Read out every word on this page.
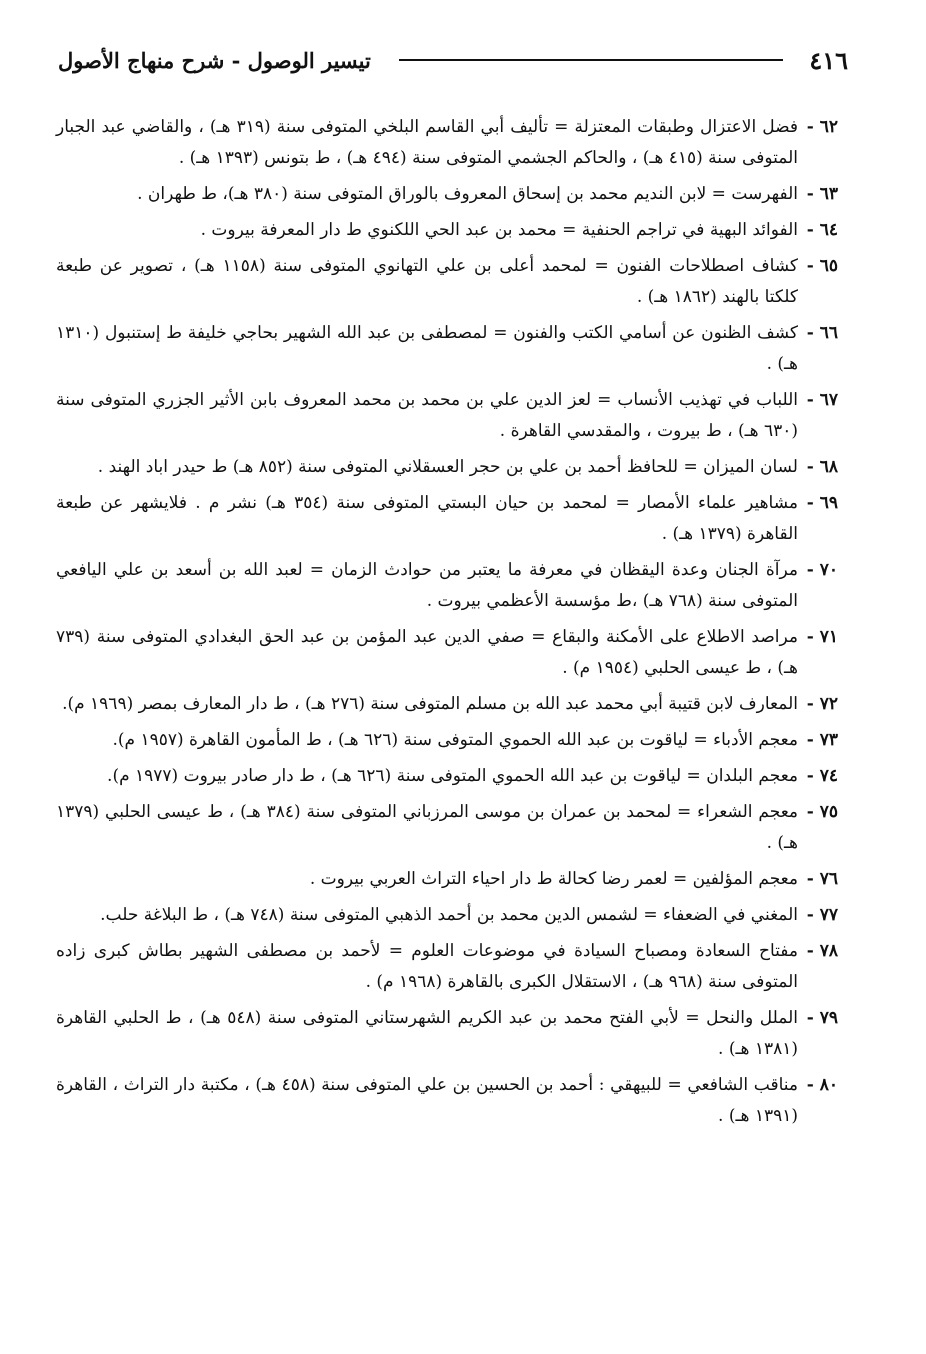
٤١٦
تيسير الوصول - شرح منهاج الأصول
٦٢ -
فضل الاعتزال وطبقات المعتزلة = تأليف أبي القاسم البلخي المتوفى سنة (٣١٩ هـ) ، والقاضي عبد الجبار المتوفى سنة (٤١٥ هـ) ، والحاكم الجشمي المتوفى سنة (٤٩٤ هـ) ، ط بتونس (١٣٩٣ هـ) .
٦٣ -
الفهرست = لابن النديم محمد بن إسحاق المعروف بالوراق المتوفى سنة (٣٨٠ هـ)، ط طهران .
٦٤ -
الفوائد البهية في تراجم الحنفية = محمد بن عبد الحي اللكنوي ط دار المعرفة بيروت .
٦٥ -
كشاف اصطلاحات الفنون = لمحمد أعلى بن علي التهانوي المتوفى سنة (١١٥٨ هـ) ، تصوير عن طبعة كلكتا بالهند (١٨٦٢ هـ) .
٦٦ -
كشف الظنون عن أسامي الكتب والفنون = لمصطفى بن عبد الله الشهير بحاجي خليفة ط إستنبول (١٣١٠ هـ) .
٦٧ -
اللباب في تهذيب الأنساب = لعز الدين علي بن محمد بن محمد المعروف بابن الأثير الجزري المتوفى سنة (٦٣٠ هـ) ، ط بيروت ، والمقدسي القاهرة .
٦٨ -
لسان الميزان = للحافظ أحمد بن علي بن حجر العسقلاني المتوفى سنة (٨٥٢ هـ) ط حيدر اباد الهند .
٦٩ -
مشاهير علماء الأمصار = لمحمد بن حيان البستي المتوفى سنة (٣٥٤ هـ) نشر م . فلايشهر عن طبعة القاهرة (١٣٧٩ هـ) .
٧٠ -
مرآة الجنان وعدة اليقظان في معرفة ما يعتبر من حوادث الزمان = لعبد الله بن أسعد بن علي اليافعي المتوفى سنة (٧٦٨ هـ) ،ط مؤسسة الأعظمي بيروت .
٧١ -
مراصد الاطلاع على الأمكنة والبقاع = صفي الدين عبد المؤمن بن عبد الحق البغدادي المتوفى سنة (٧٣٩ هـ) ، ط عيسى الحلبي (١٩٥٤ م) .
٧٢ -
المعارف لابن قتيبة أبي محمد عبد الله بن مسلم المتوفى سنة (٢٧٦ هـ) ، ط دار المعارف بمصر (١٩٦٩ م).
٧٣ -
معجم الأدباء = لياقوت بن عبد الله الحموي المتوفى سنة (٦٢٦ هـ) ، ط المأمون القاهرة (١٩٥٧ م).
٧٤ -
معجم البلدان = لياقوت بن عبد الله الحموي المتوفى سنة (٦٢٦ هـ) ، ط دار صادر بيروت (١٩٧٧ م).
٧٥ -
معجم الشعراء = لمحمد بن عمران بن موسى المرزباني المتوفى سنة (٣٨٤ هـ) ، ط عيسى الحلبي (١٣٧٩ هـ) .
٧٦ -
معجم المؤلفين = لعمر رضا كحالة ط دار احياء التراث العربي بيروت .
٧٧ -
المغني في الضعفاء = لشمس الدين محمد بن أحمد الذهبي المتوفى سنة (٧٤٨ هـ) ، ط البلاغة حلب.
٧٨ -
مفتاح السعادة ومصباح السيادة في موضوعات العلوم = لأحمد بن مصطفى الشهير بطاش كبرى زاده المتوفى سنة (٩٦٨ هـ) ، الاستقلال الكبرى بالقاهرة (١٩٦٨ م) .
٧٩ -
الملل والنحل = لأبي الفتح محمد بن عبد الكريم الشهرستاني المتوفى سنة (٥٤٨ هـ) ، ط الحلبي القاهرة (١٣٨١ هـ) .
٨٠ -
مناقب الشافعي = للبيهقي : أحمد بن الحسين بن علي المتوفى سنة (٤٥٨ هـ) ، مكتبة دار التراث ، القاهرة (١٣٩١ هـ) .
